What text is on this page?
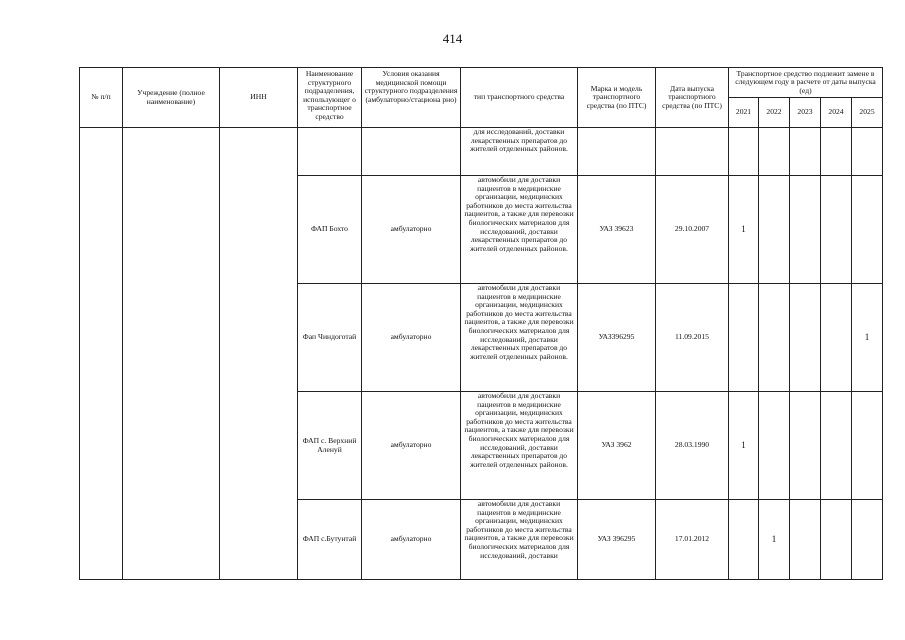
414
№ п/п	Учреждение (полное наименование)	ИНН	Наименование структурного подразделения, использующег о транспортное средство	Условия оказания медицинской помощи структурного подразделения (амбулаторно/стациона рно)	тип транспортного средства	Марка и модель транспортного средства (по ПТС)	Дата выпуска транспортного средства (по ПТС)	Транспортное средство подлежит замене в следующем году в расчете от даты выпуска (ед)				
								2021	2022	2023	2024	2025
					для исследований, доставки лекарственных препаратов до жителей отделенных районов.							
			ФАП Бохто	амбулаторно	автомобили для доставки пациентов в медицинские организации, медицинских работников до места жительства пациентов, а также для перевозки биологических материалов для исследований, доставки лекарственных препаратов до жителей отделенных районов.	УАЗ 39623	29.10.2007	1				
			Фап Чиндоготай	амбулаторно	автомобили для доставки пациентов в медицинские организации, медицинских работников до места жительства пациентов, а также для перевозки биологических материалов для исследований, доставки лекарственных препаратов до жителей отделенных районов.	УАЗ396295	11.09.2015					1
			ФАП с. Верхний Аленуй	амбулаторно	автомобили для доставки пациентов в медицинские организации, медицинских работников до места жительства пациентов, а также для перевозки биологических материалов для исследований, доставки лекарственных препаратов до жителей отделенных районов.	УАЗ 3962	28.03.1990	1				
			ФАП с.Бутунтай	амбулаторно	автомобили для доставки пациентов в медицинские организации, медицинских работников до места жительства пациентов, а также для перевозки биологических материалов для исследований, доставки	УАЗ 396295	17.01.2012		1			
